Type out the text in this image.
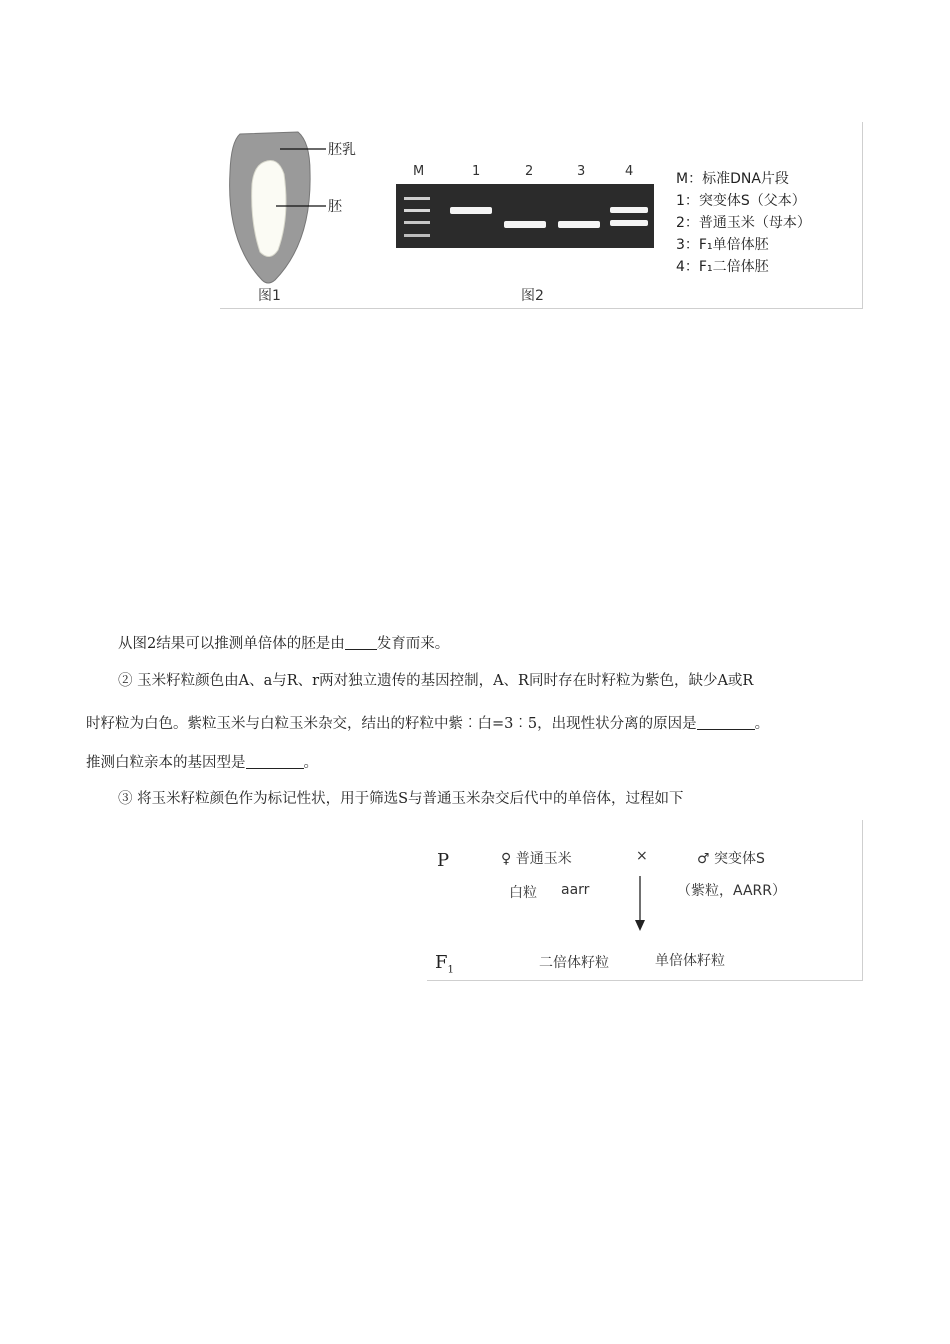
胚乳
胚
图1
M	1	2	3	4
图2
M：标准DNA片段
1：突变体S（父本）
2：普通玉米（母本）
3：F₁单倍体胚
4：F₁二倍体胚
从图2结果可以推测单倍体的胚是由 发育而来。
② 玉米籽粒颜色由A、a与R、r两对独立遗传的基因控制，A、R同时存在时籽粒为紫色，缺少A或R
时籽粒为白色。紫粒玉米与白粒玉米杂交，结出的籽粒中紫︰白=3︰5，出现性状分离的原因是	。
推测白粒亲本的基因型是	。
③ 将玉米籽粒颜色作为标记性状，用于筛选S与普通玉米杂交后代中的单倍体，过程如下
P	♀ 普通玉米
白粒 aarr
×	♂ 突变体S
（紫粒，AARR）
$F_1$	二倍体籽粒	单倍体籽粒
